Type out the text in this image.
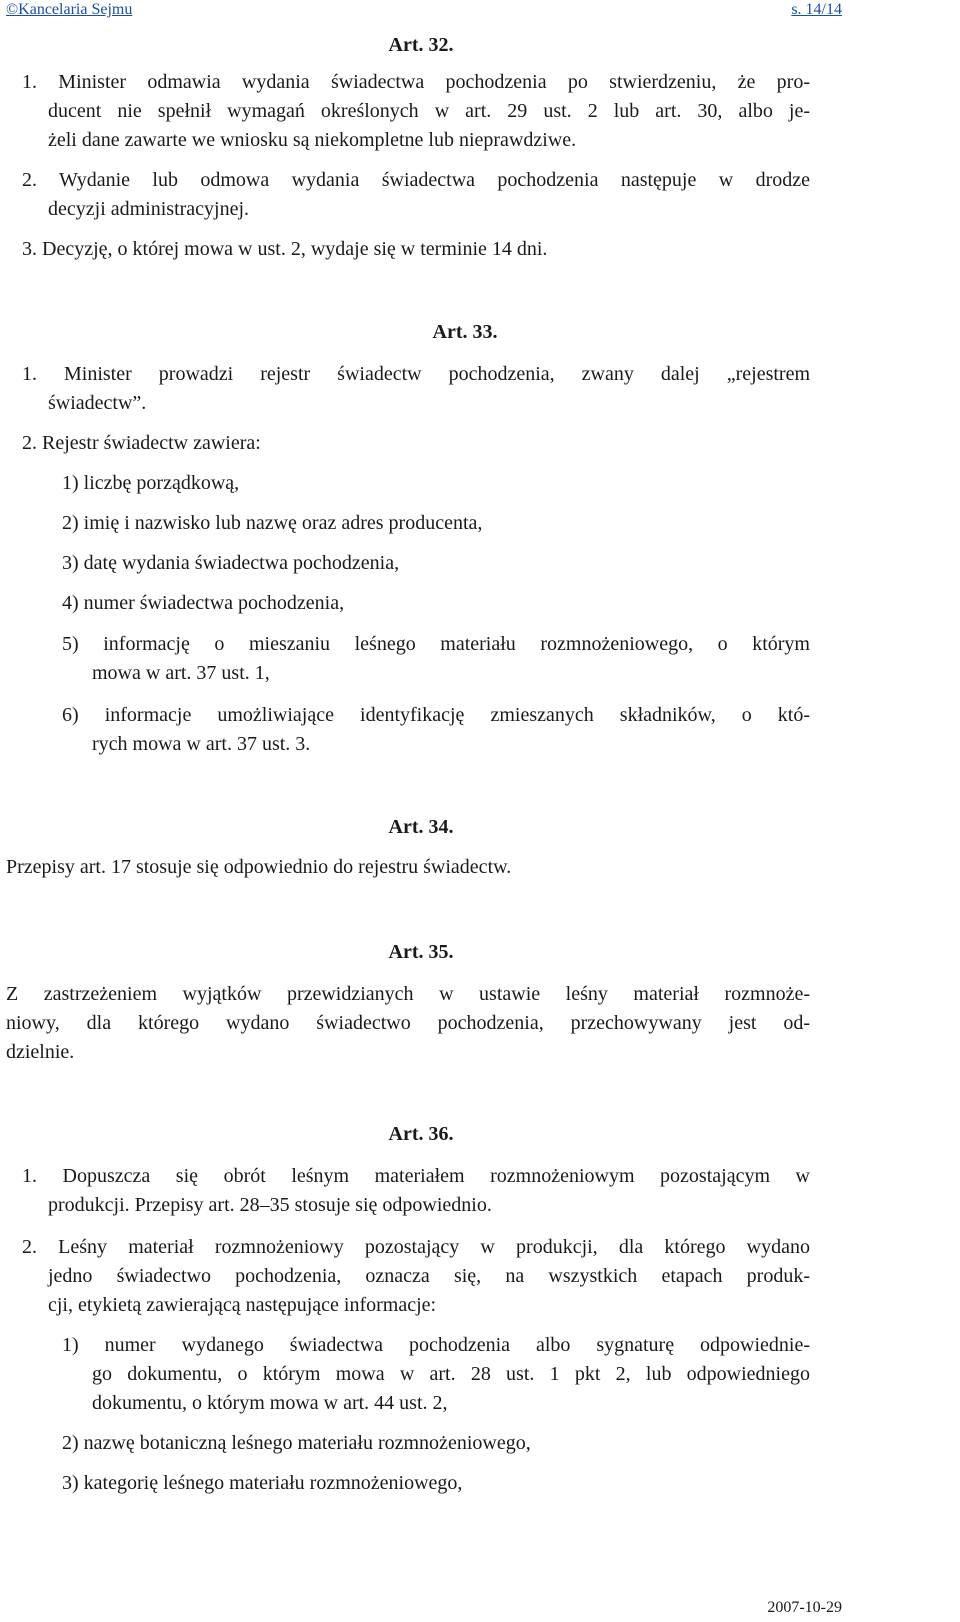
©Kancelaria Sejmu	s. 14/14
Art. 32.

1. Minister odmawia wydania świadectwa pochodzenia po stwierdzeniu, że pro-

ducent nie spełnił wymagań określonych w art. 29 ust. 2 lub art. 30, albo je-

żeli dane zawarte we wniosku są niekompletne lub nieprawdziwe.

2. Wydanie lub odmowa wydania świadectwa pochodzenia następuje w drodze

decyzji administracyjnej.

3. Decyzję, o której mowa w ust. 2, wydaje się w terminie 14 dni.

Art. 33.

1. Minister prowadzi rejestr świadectw pochodzenia, zwany dalej „rejestrem

świadectw”.

2. Rejestr świadectw zawiera:

1) liczbę porządkową,

2) imię i nazwisko lub nazwę oraz adres producenta,

3) datę wydania świadectwa pochodzenia,

4) numer świadectwa pochodzenia,

5) informację o mieszaniu leśnego materiału rozmnożeniowego, o którym

mowa w art. 37 ust. 1,

6) informacje umożliwiające identyfikację zmieszanych składników, o któ-

rych mowa w art. 37 ust. 3.

Art. 34.

Przepisy art. 17 stosuje się odpowiednio do rejestru świadectw.

Art. 35.

Z zastrzeżeniem wyjątków przewidzianych w ustawie leśny materiał rozmnoże-

niowy, dla którego wydano świadectwo pochodzenia, przechowywany jest od-

dzielnie.

Art. 36.

1. Dopuszcza się obrót leśnym materiałem rozmnożeniowym pozostającym w

produkcji. Przepisy art. 28–35 stosuje się odpowiednio.

2. Leśny materiał rozmnożeniowy pozostający w produkcji, dla którego wydano

jedno świadectwo pochodzenia, oznacza się, na wszystkich etapach produk-

cji, etykietą zawierającą następujące informacje:

1) numer wydanego świadectwa pochodzenia albo sygnaturę odpowiednie-

go dokumentu, o którym mowa w art. 28 ust. 1 pkt 2, lub odpowiedniego

dokumentu, o którym mowa w art. 44 ust. 2,

2) nazwę botaniczną leśnego materiału rozmnożeniowego,

3) kategorię leśnego materiału rozmnożeniowego,

2007-10-29
